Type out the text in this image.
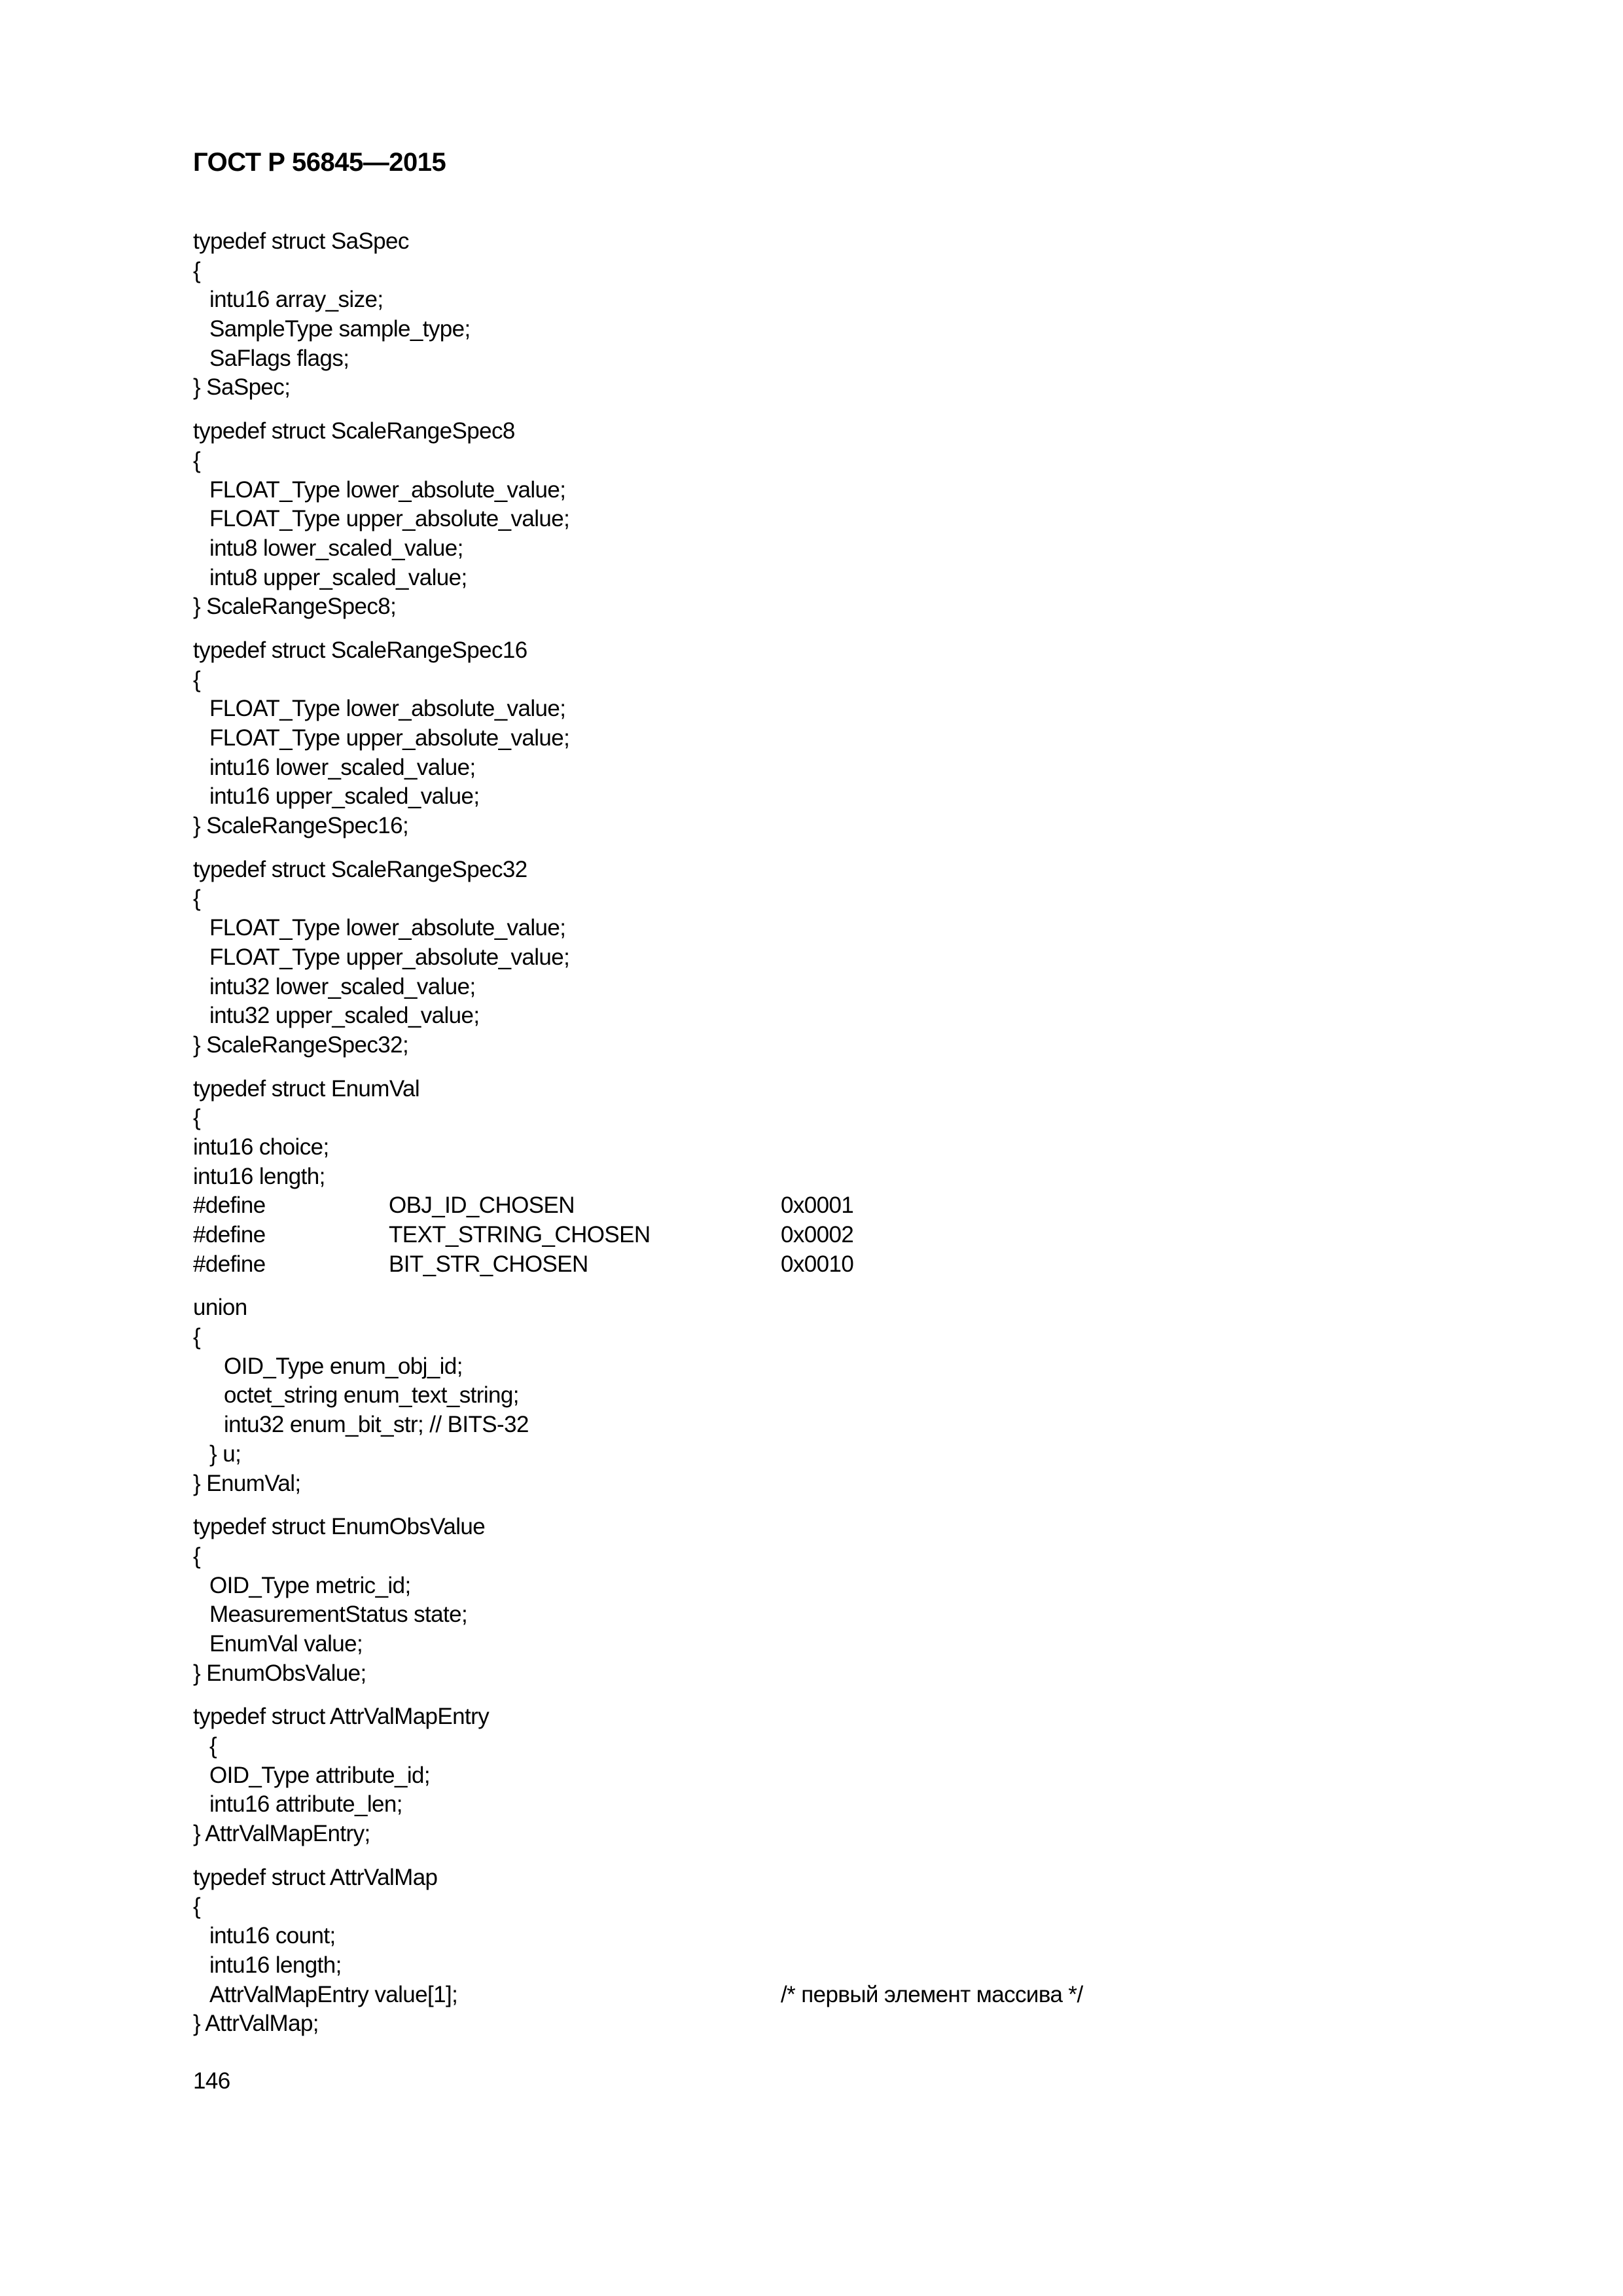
ГОСТ Р 56845—2015
typedef struct SaSpec
{
intu16 array_size;
SampleType sample_type;
SaFlags flags;
} SaSpec;
typedef struct ScaleRangeSpec8
{
FLOAT_Type lower_absolute_value;
FLOAT_Type upper_absolute_value;
intu8 lower_scaled_value;
intu8 upper_scaled_value;
} ScaleRangeSpec8;
typedef struct ScaleRangeSpec16
{
FLOAT_Type lower_absolute_value;
FLOAT_Type upper_absolute_value;
intu16 lower_scaled_value;
intu16 upper_scaled_value;
} ScaleRangeSpec16;
typedef struct ScaleRangeSpec32
{
FLOAT_Type lower_absolute_value;
FLOAT_Type upper_absolute_value;
intu32 lower_scaled_value;
intu32 upper_scaled_value;
} ScaleRangeSpec32;
typedef struct EnumVal
{
intu16 choice;
intu16 length;
#define	OBJ_ID_CHOSEN	0x0001
#define	TEXT_STRING_CHOSEN	0x0002
#define	BIT_STR_CHOSEN	0x0010
union
{
OID_Type enum_obj_id;
octet_string enum_text_string;
intu32 enum_bit_str; // BITS-32
} u;
} EnumVal;
typedef struct EnumObsValue
{
OID_Type metric_id;
MeasurementStatus state;
EnumVal value;
} EnumObsValue;
typedef struct AttrValMapEntry
{
OID_Type attribute_id;
intu16 attribute_len;
} AttrValMapEntry;
typedef struct AttrValMap
{
intu16 count;
intu16 length;
AttrValMapEntry value[1];	/* первый элемент массива */
} AttrValMap;
146
